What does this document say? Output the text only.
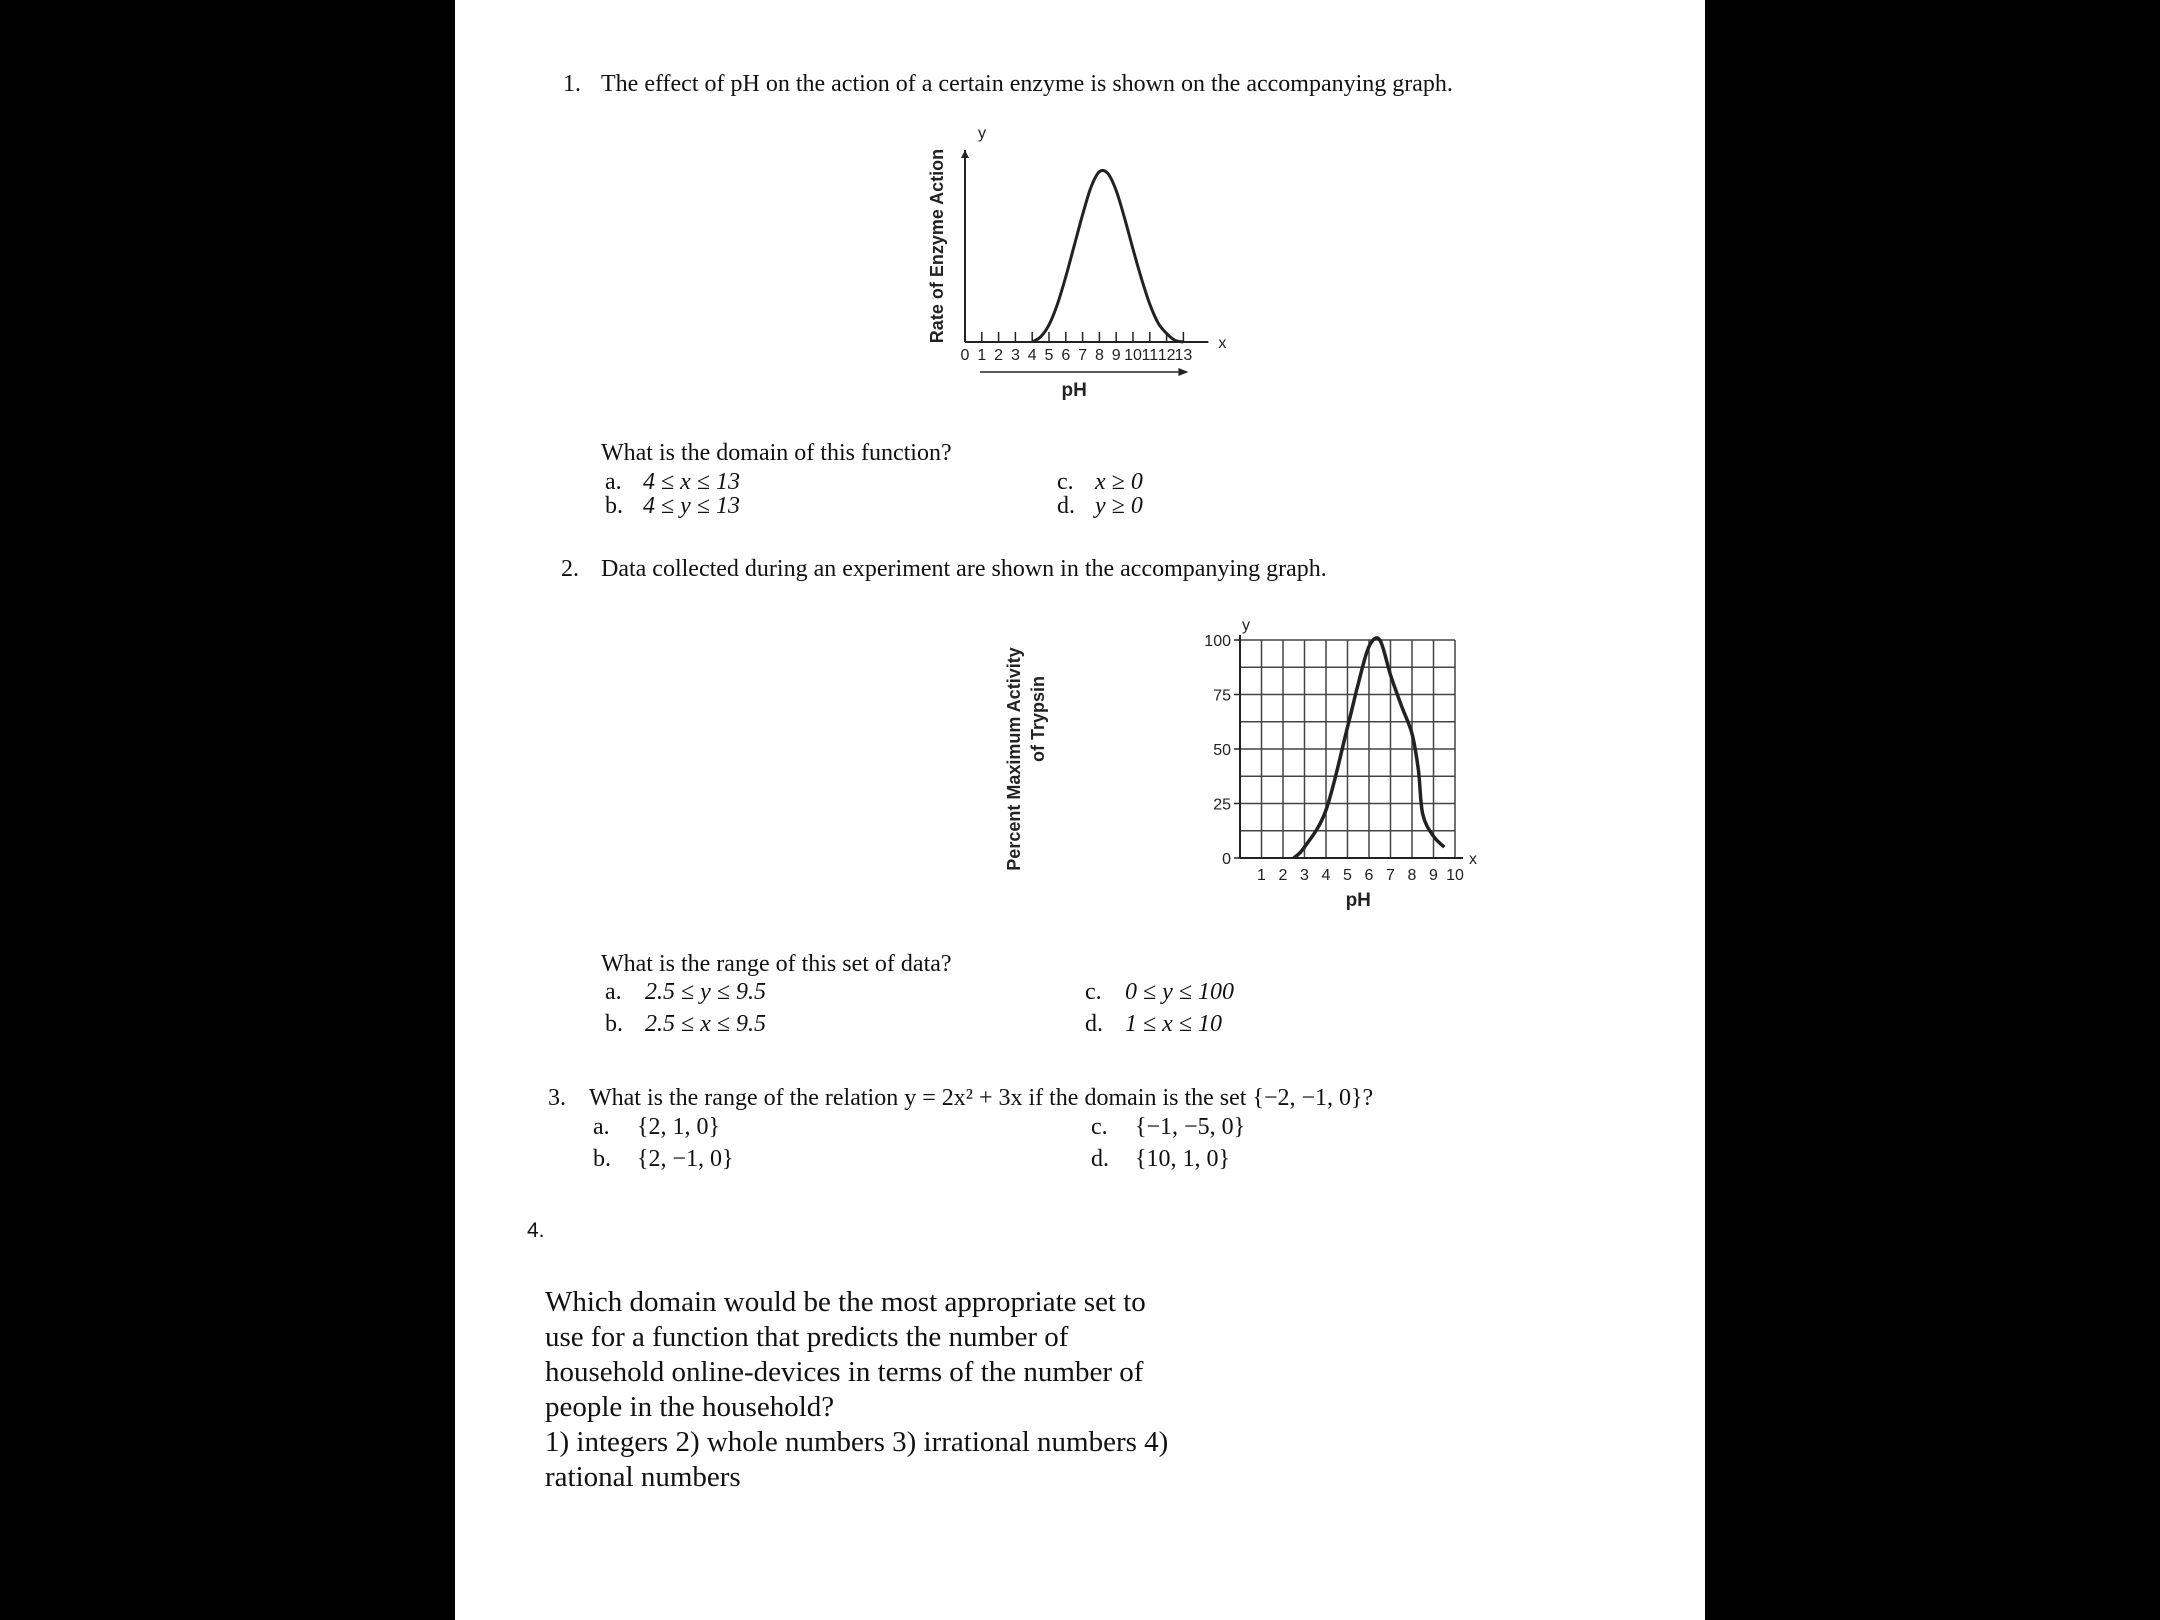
1. The effect of pH on the action of a certain enzyme is shown on the accompanying graph.
0 1 2 3 4 5 6 7 8 9 10 11 12 13
x
y
pH
Rate of Enzyme Action
What is the domain of this function?
a. 4 ≤ x ≤ 13
b. 4 ≤ y ≤ 13
c. x ≥ 0
d. y ≥ 0
2. Data collected during an experiment are shown in the accompanying graph.
0
25
50
75
100
1 2 3 4 5 6 7 8 9 10
x
y
pH
Percent Maximum Activity of Trypsin
What is the range of this set of data?
a. 2.5 ≤ y ≤ 9.5
b. 2.5 ≤ x ≤ 9.5
c. 0 ≤ y ≤ 100
d. 1 ≤ x ≤ 10
3. What is the range of the relation y = 2x² + 3x if the domain is the set {−2, −1, 0}?
a. {2, 1, 0}
b. {2, −1, 0}
c. {−1, −5, 0}
d. {10, 1, 0}
4.
Which domain would be the most appropriate set to use for a function that predicts the number of household online-devices in terms of the number of people in the household?
1) integers 2) whole numbers 3) irrational numbers 4) rational numbers
